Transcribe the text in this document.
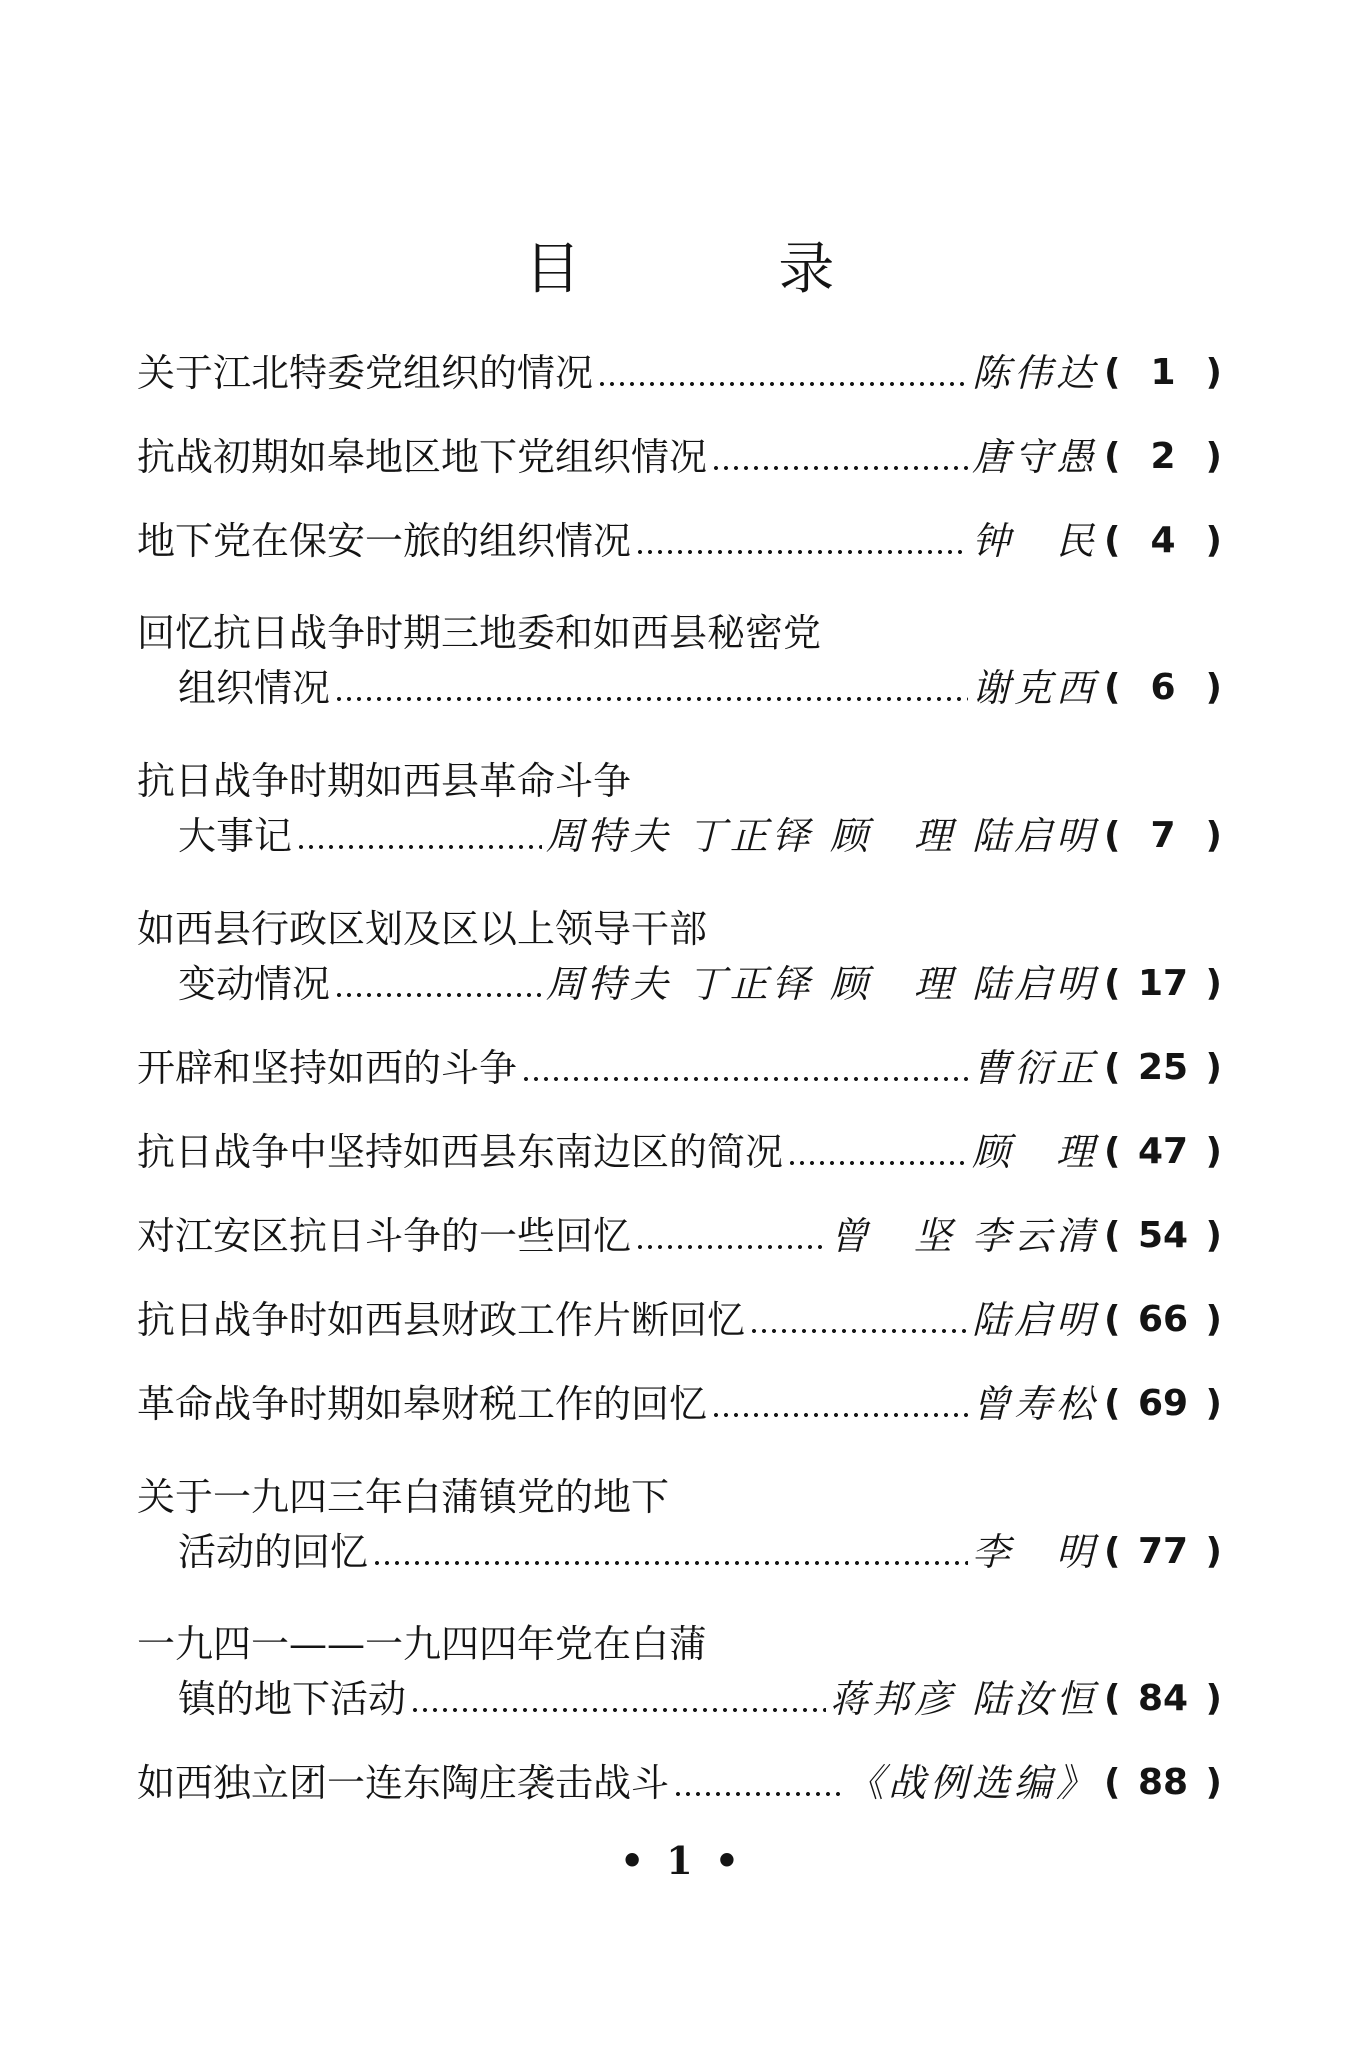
目 录
关于江北特委党组织的情况	陈伟达 ( 1 )
抗战初期如皋地区地下党组织情况	唐守愚 ( 2 )
地下党在保安一旅的组织情况	钟　民 ( 4 )
回忆抗日战争时期三地委和如西县秘密党
组织情况	谢克西 ( 6 )
抗日战争时期如西县革命斗争
大事记	周特夫 丁正铎 顾　理 陆启明 ( 7 )
如西县行政区划及区以上领导干部
变动情况	周特夫 丁正铎 顾　理 陆启明 ( 17 )
开辟和坚持如西的斗争	曹衍正 ( 25 )
抗日战争中坚持如西县东南边区的简况	顾　理 ( 47 )
对江安区抗日斗争的一些回忆	曾　坚 李云清 ( 54 )
抗日战争时如西县财政工作片断回忆	陆启明 ( 66 )
革命战争时期如皋财税工作的回忆	曾寿松 ( 69 )
关于一九四三年白蒲镇党的地下
活动的回忆	李　明 ( 77 )
一九四一——一九四四年党在白蒲
镇的地下活动	蒋邦彦 陆汝恒 ( 84 )
如西独立团一连东陶庄袭击战斗	《战例选编》 ( 88 )
• 1 •
